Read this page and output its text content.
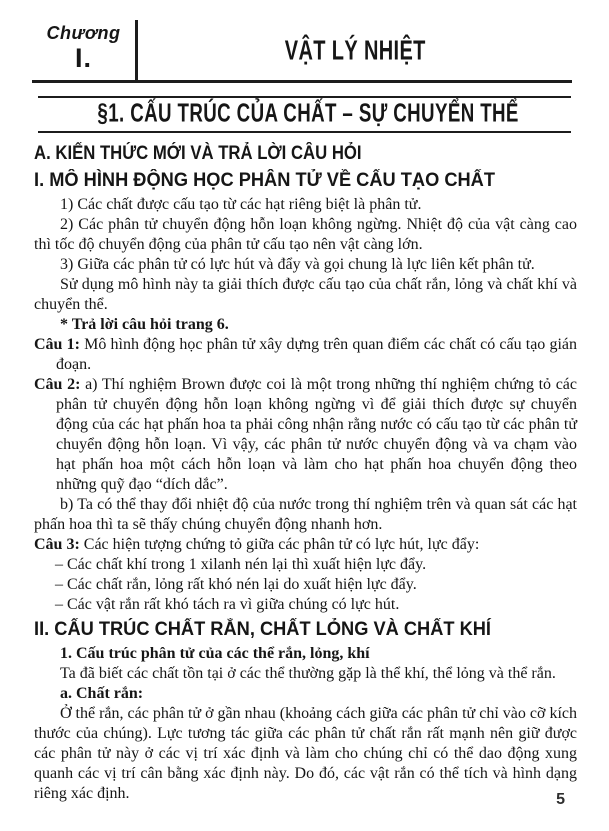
Chương
I.	VẬT LÝ NHIỆT
§1. CẤU TRÚC CỦA CHẤT – SỰ CHUYỂN THỂ
A. KIẾN THỨC MỚI VÀ TRẢ LỜI CÂU HỎI
I. MÔ HÌNH ĐỘNG HỌC PHÂN TỬ VỀ CẤU TẠO CHẤT

1) Các chất được cấu tạo từ các hạt riêng biệt là phân tử.

2) Các phân tử chuyển động hỗn loạn không ngừng. Nhiệt độ của vật càng cao thì tốc độ chuyển động của phân tử cấu tạo nên vật càng lớn.

3) Giữa các phân tử có lực hút và đẩy và gọi chung là lực liên kết phân tử.

Sử dụng mô hình này ta giải thích được cấu tạo của chất rắn, lỏng và chất khí và chuyển thể.

* Trả lời câu hỏi trang 6.

Câu 1: Mô hình động học phân tử xây dựng trên quan điểm các chất có cấu tạo gián đoạn.

Câu 2: a) Thí nghiệm Brown được coi là một trong những thí nghiệm chứng tỏ các phân tử chuyển động hỗn loạn không ngừng vì để giải thích được sự chuyển động của các hạt phấn hoa ta phải công nhận rằng nước có cấu tạo từ các phân tử chuyển động hỗn loạn. Vì vậy, các phân tử nước chuyển động và va chạm vào hạt phấn hoa một cách hỗn loạn và làm cho hạt phấn hoa chuyển động theo những quỹ đạo “dích dắc”.

b) Ta có thể thay đổi nhiệt độ của nước trong thí nghiệm trên và quan sát các hạt phấn hoa thì ta sẽ thấy chúng chuyển động nhanh hơn.

Câu 3: Các hiện tượng chứng tỏ giữa các phân tử có lực hút, lực đẩy:

– Các chất khí trong 1 xilanh nén lại thì xuất hiện lực đẩy.

– Các chất rắn, lỏng rất khó nén lại do xuất hiện lực đẩy.

– Các vật rắn rất khó tách ra vì giữa chúng có lực hút.

II. CẤU TRÚC CHẤT RẮN, CHẤT LỎNG VÀ CHẤT KHÍ

1. Cấu trúc phân tử của các thể rắn, lỏng, khí

Ta đã biết các chất tồn tại ở các thể thường gặp là thể khí, thể lỏng và thể rắn.

a. Chất rắn:

Ở thể rắn, các phân tử ở gần nhau (khoảng cách giữa các phân tử chỉ vào cỡ kích thước của chúng). Lực tương tác giữa các phân tử chất rắn rất mạnh nên giữ được các phân tử này ở các vị trí xác định và làm cho chúng chỉ có thể dao động xung quanh các vị trí cân bằng xác định này. Do đó, các vật rắn có thể tích và hình dạng riêng xác định.	5
